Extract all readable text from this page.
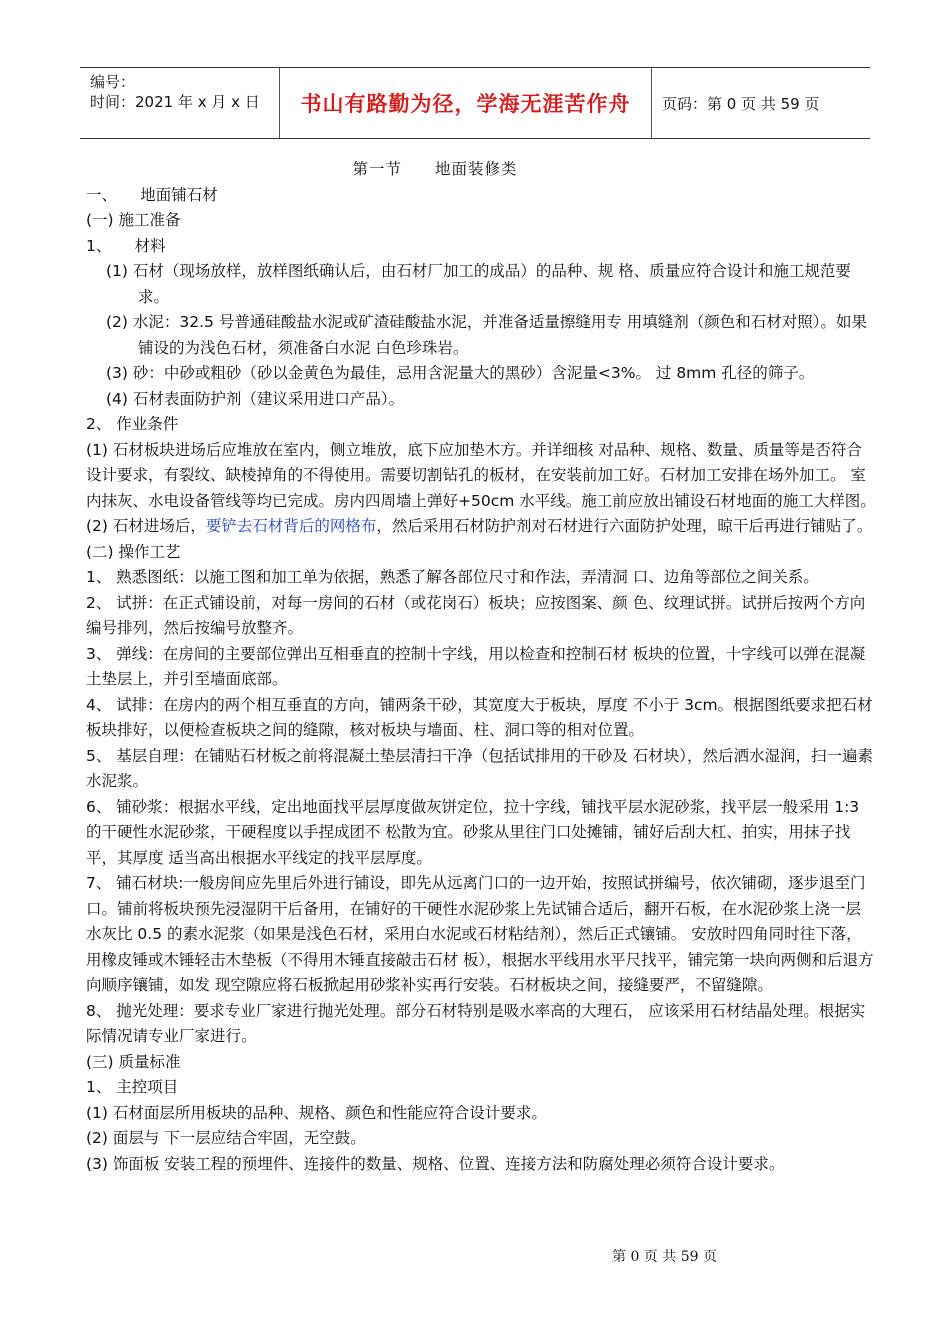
编号：
时间：2021 年 x 月 x 日	书山有路勤为径，学海无涯苦作舟	页码：第 0 页 共 59 页
第一节　　地面装修类
一、　　地面铺石材
(一) 施工准备
1、　　材料
(1) 石材（现场放样，放样图纸确认后，由石材厂加工的成品）的品种、规 格、质量应符合设计和施工规范要求。
(2) 水泥：32.5 号普通硅酸盐水泥或矿渣硅酸盐水泥，并准备适量擦缝用专 用填缝剂（颜色和石材对照）。如果铺设的为浅色石材，须准备白水泥 白色珍珠岩。
(3) 砂：中砂或粗砂（砂以金黄色为最佳，忌用含泥量大的黑砂）含泥量<3%。 过 8mm 孔径的筛子。
(4) 石材表面防护剂（建议采用进口产品）。
2、 作业条件
(1) 石材板块进场后应堆放在室内，侧立堆放，底下应加垫木方。并详细核 对品种、规格、数量、质量等是否符合设计要求，有裂纹、缺棱掉角的不得使用。需要切割钻孔的板材，在安装前加工好。石材加工安排在场外加工。 室内抹灰、水电设备管线等均已完成。房内四周墙上弹好+50cm 水平线。施工前应放出铺设石材地面的施工大样图。
(2) 石材进场后，要铲去石材背后的网格布，然后采用石材防护剂对石材进行六面防护处理，晾干后再进行铺贴了。
(二) 操作工艺
1、 熟悉图纸：以施工图和加工单为依据，熟悉了解各部位尺寸和作法，弄清洞 口、边角等部位之间关系。
2、 试拼：在正式铺设前，对每一房间的石材（或花岗石）板块；应按图案、颜 色、纹理试拼。试拼后按两个方向编号排列，然后按编号放整齐。
3、 弹线：在房间的主要部位弹出互相垂直的控制十字线，用以检查和控制石材 板块的位置，十字线可以弹在混凝土垫层上，并引至墙面底部。
4、 试排：在房内的两个相互垂直的方向，铺两条干砂，其宽度大于板块，厚度 不小于 3cm。根据图纸要求把石材板块排好，以便检查板块之间的缝隙，核对板块与墙面、柱、洞口等的相对位置。
5、 基层自理：在铺贴石材板之前将混凝土垫层清扫干净（包括试排用的干砂及 石材块），然后洒水湿润，扫一遍素水泥浆。
6、 铺砂浆：根据水平线，定出地面找平层厚度做灰饼定位，拉十字线，铺找平层水泥砂浆，找平层一般采用 1:3 的干硬性水泥砂浆，干硬程度以手捏成团不 松散为宜。砂浆从里往门口处摊铺，铺好后刮大杠、拍实，用抹子找平，其厚度 适当高出根据水平线定的找平层厚度。
7、 铺石材块:一般房间应先里后外进行铺设，即先从远离门口的一边开始，按照试拼编号，依次铺砌，逐步退至门口。铺前将板块预先浸湿阴干后备用，在铺好的干硬性水泥砂浆上先试铺合适后，翻开石板，在水泥砂浆上浇一层水灰比 0.5 的素水泥浆（如果是浅色石材，采用白水泥或石材粘结剂），然后正式镶铺。 安放时四角同时往下落，用橡皮锤或木锤轻击木垫板（不得用木锤直接敲击石材 板），根据水平线用水平尺找平，铺完第一块向两侧和后退方向顺序镶铺，如发 现空隙应将石板掀起用砂浆补实再行安装。石材板块之间，接缝要严，不留缝隙。
8、 抛光处理：要求专业厂家进行抛光处理。部分石材特别是吸水率高的大理石， 应该采用石材结晶处理。根据实际情况请专业厂家进行。
(三) 质量标准
1、 主控项目
(1) 石材面层所用板块的品种、规格、颜色和性能应符合设计要求。
(2) 面层与 下一层应结合牢固，无空鼓。
(3) 饰面板 安装工程的预埋件、连接件的数量、规格、位置、连接方法和防腐处理必须符合设计要求。
第 0 页 共 59 页
